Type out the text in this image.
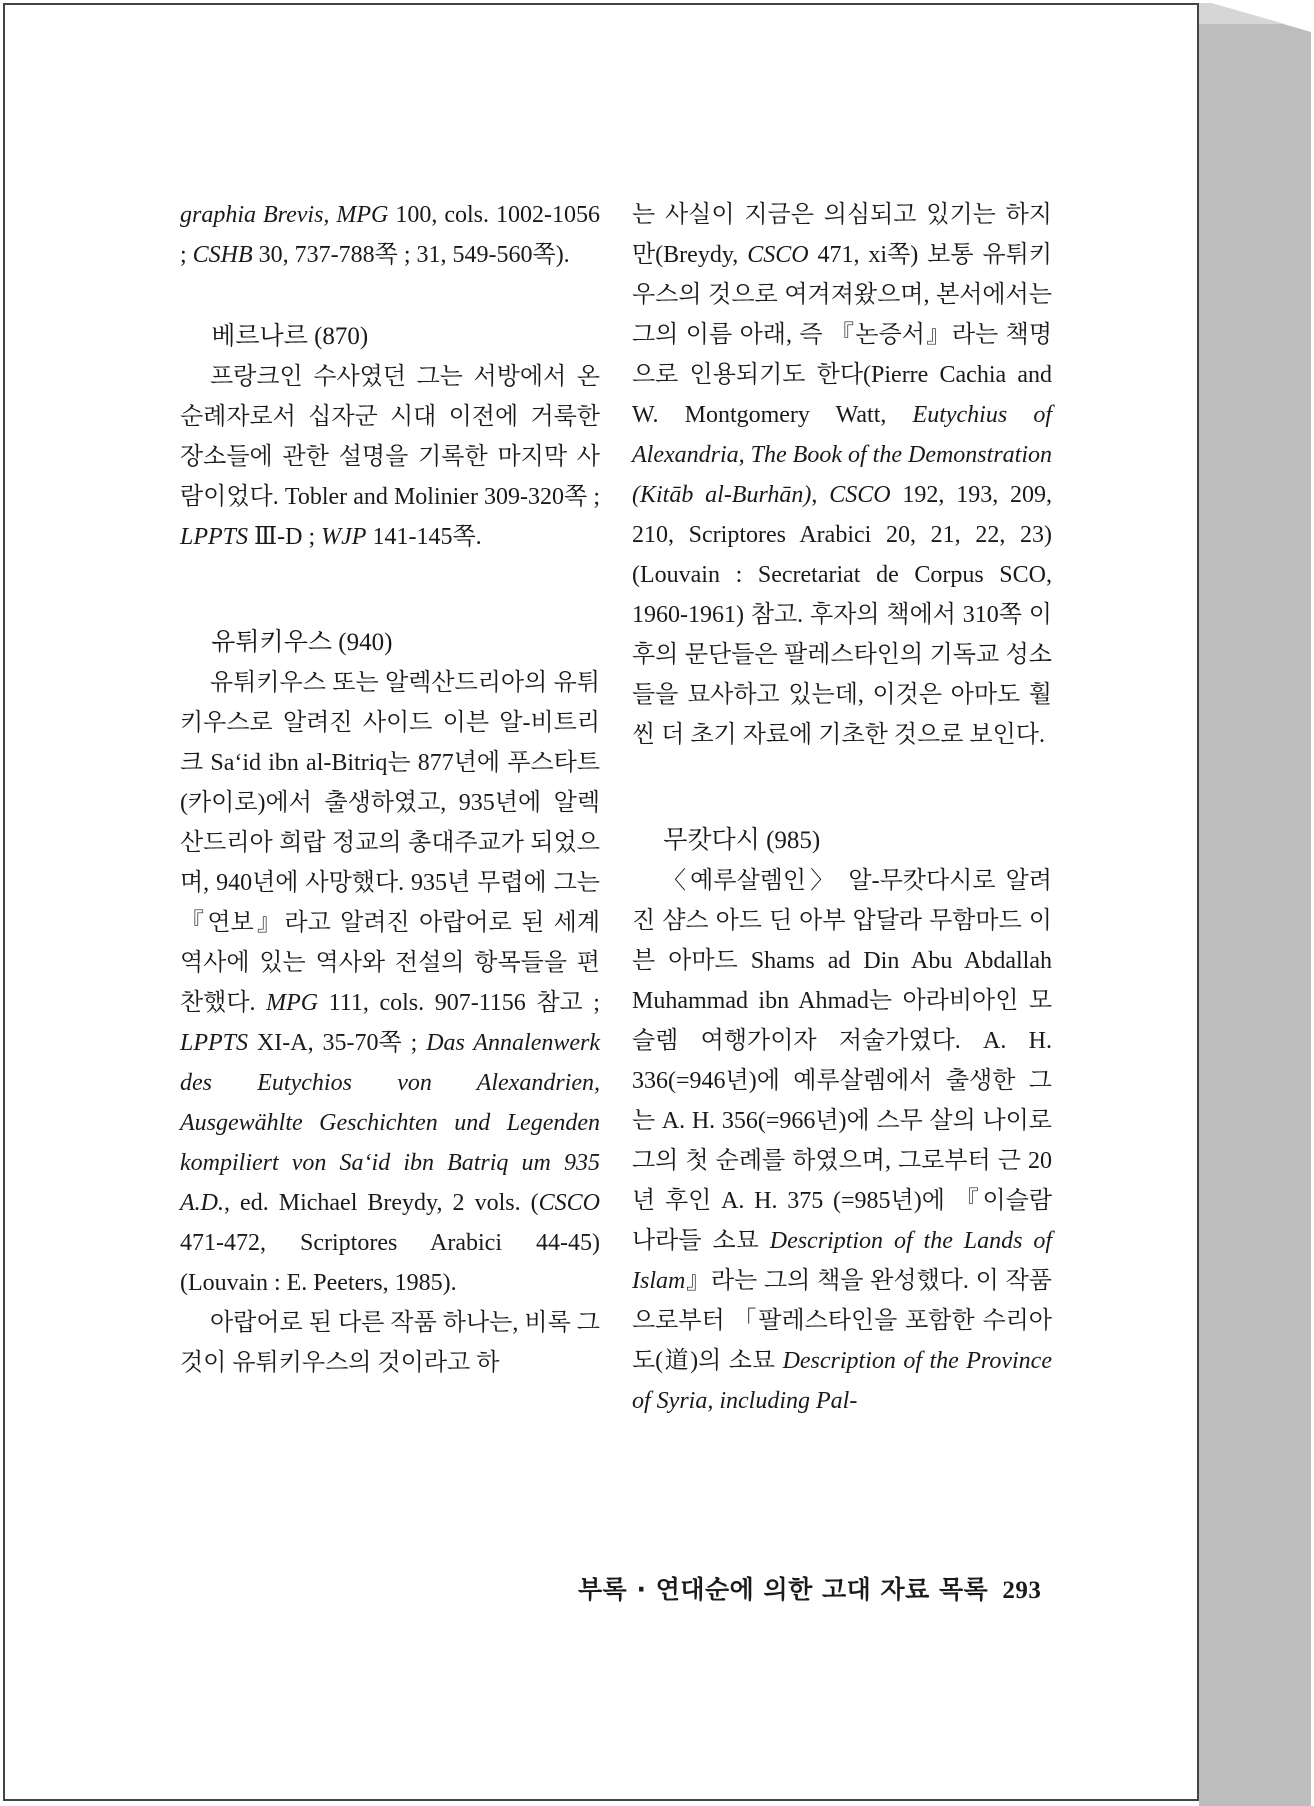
graphia Brevis, MPG 100, cols. 1002-1056 ; CSHB 30, 737-788쪽 ; 31, 549-560쪽).

베르나르 (870)

프랑크인 수사였던 그는 서방에서 온 순례자로서 십자군 시대 이전에 거룩한 장소들에 관한 설명을 기록한 마지막 사람이었다. Tobler and Molinier 309-320쪽 ; LPPTS Ⅲ-D ; WJP 141-145쪽.

유튀키우스 (940)

유튀키우스 또는 알렉산드리아의 유튀키우스로 알려진 사이드 이븐 알-비트리크 Sa‘id ibn al-Bitriq는 877년에 푸스타트(카이로)에서 출생하였고, 935년에 알렉산드리아 희랍 정교의 총대주교가 되었으며, 940년에 사망했다. 935년 무렵에 그는 『연보』라고 알려진 아랍어로 된 세계 역사에 있는 역사와 전설의 항목들을 편찬했다. MPG 111, cols. 907-1156 참고 ; LPPTS XI-A, 35-70쪽 ; Das Annalenwerk des Eutychios von Alexandrien, Ausgewählte Geschichten und Legenden kompiliert von Sa‘id ibn Batriq um 935 A.D., ed. Michael Breydy, 2 vols. (CSCO 471-472, Scriptores Arabici 44-45) (Louvain : E. Peeters, 1985).

아랍어로 된 다른 작품 하나는, 비록 그것이 유튀키우스의 것이라고 하

는 사실이 지금은 의심되고 있기는 하지만(Breydy, CSCO 471, xi쪽) 보통 유튀키우스의 것으로 여겨져왔으며, 본서에서는 그의 이름 아래, 즉 『논증서』라는 책명으로 인용되기도 한다(Pierre Cachia and W. Montgomery Watt, Eutychius of Alexandria, The Book of the Demonstration (Kitāb al-Burhān), CSCO 192, 193, 209, 210, Scriptores Arabici 20, 21, 22, 23) (Louvain : Secretariat de Corpus SCO, 1960-1961) 참고. 후자의 책에서 310쪽 이후의 문단들은 팔레스타인의 기독교 성소들을 묘사하고 있는데, 이것은 아마도 훨씬 더 초기 자료에 기초한 것으로 보인다.

무캇다시 (985)

〈예루살렘인〉 알-무캇다시로 알려진 샴스 아드 딘 아부 압달라 무함마드 이븐 아마드 Shams ad Din Abu Abdallah Muhammad ibn Ahmad는 아라비아인 모슬렘 여행가이자 저술가였다. A. H. 336(=946년)에 예루살렘에서 출생한 그는 A. H. 356(=966년)에 스무 살의 나이로 그의 첫 순례를 하였으며, 그로부터 근 20년 후인 A. H. 375 (=985년)에 『이슬람 나라들 소묘 Description of the Lands of Islam』라는 그의 책을 완성했다. 이 작품으로부터 「팔레스타인을 포함한 수리아 도(道)의 소묘 Description of the Province of Syria, including Pal-

부록 · 연대순에 의한 고대 자료 목록 293
